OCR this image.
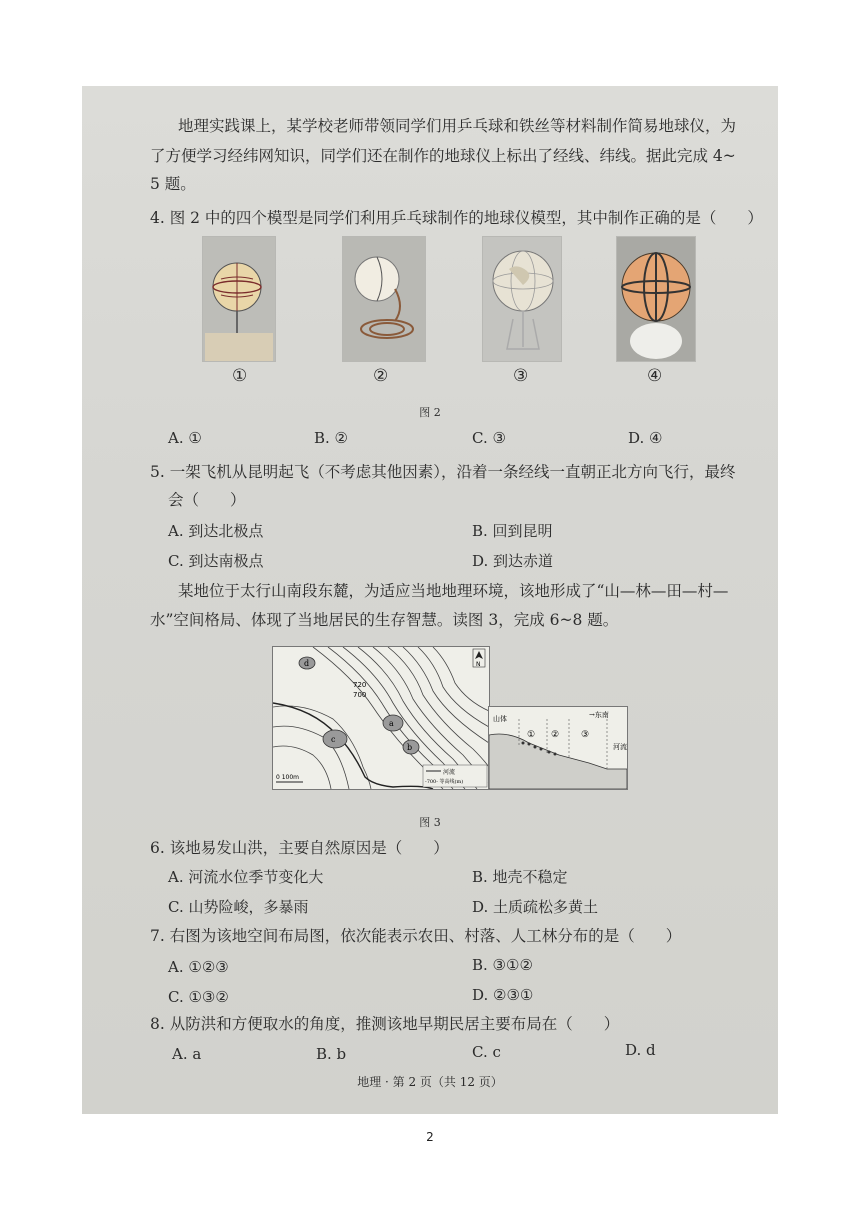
地理实践课上，某学校老师带领同学们用乒乓球和铁丝等材料制作简易地球仪，为
了方便学习经纬网知识，同学们还在制作的地球仪上标出了经线、纬线。据此完成 4~
5 题。
4. 图 2 中的四个模型是同学们利用乒乓球制作的地球仪模型，其中制作正确的是（　　）
①	②	③	④
图 2
A. ①	B. ②	C. ③	D. ④
5. 一架飞机从昆明起飞（不考虑其他因素），沿着一条经线一直朝正北方向飞行，最终
会（　　）
A. 到达北极点	B. 回到昆明
C. 到达南极点	D. 到达赤道
某地位于太行山南段东麓，为适应当地地理环境，该地形成了“山—林—田—村—
水”空间格局、体现了当地居民的生存智慧。读图 3，完成 6~8 题。
a
b
c
d
720
700
N
0 100m
河流
-700- 等高线(m)
山体	→东南
① ② ③
河流
图 3
6. 该地易发山洪，主要自然原因是（　　）
A. 河流水位季节变化大	B. 地壳不稳定
C. 山势险峻，多暴雨	D. 土质疏松多黄土
7. 右图为该地空间布局图，依次能表示农田、村落、人工林分布的是（　　）
A. ①②③	B. ③①②
C. ①③②	D. ②③①
8. 从防洪和方便取水的角度，推测该地早期民居主要布局在（　　）
A. a	B. b	C. c	D. d
地理 · 第 2 页（共 12 页）
2
